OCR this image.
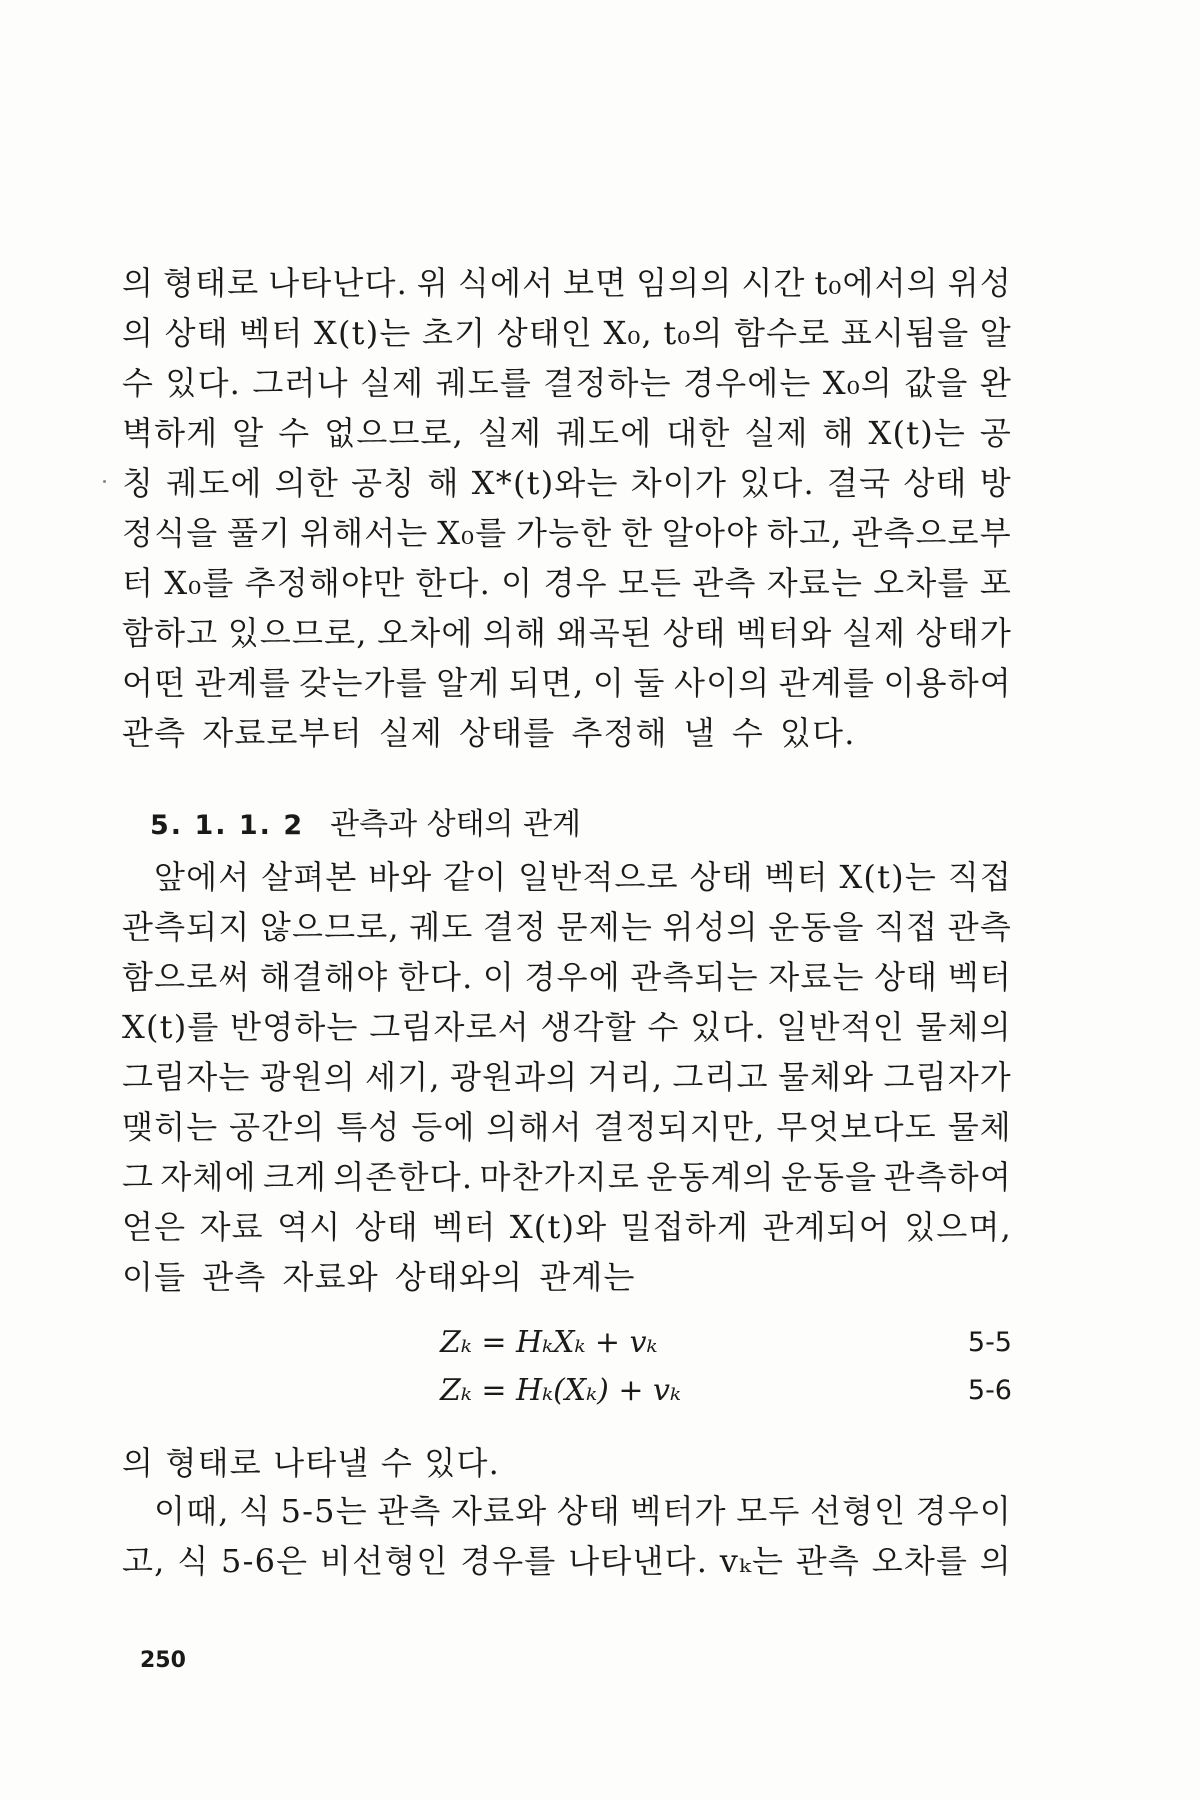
의 형태로 나타난다. 위 식에서 보면 임의의 시간 t₀에서의 위성
의 상태 벡터 X(t)는 초기 상태인 X₀, t₀의 함수로 표시됨을 알
수 있다. 그러나 실제 궤도를 결정하는 경우에는 X₀의 값을 완
벽하게 알 수 없으므로, 실제 궤도에 대한 실제 해 X(t)는 공
칭 궤도에 의한 공칭 해 X*(t)와는 차이가 있다. 결국 상태 방
정식을 풀기 위해서는 X₀를 가능한 한 알아야 하고, 관측으로부
터 X₀를 추정해야만 한다. 이 경우 모든 관측 자료는 오차를 포
함하고 있으므로, 오차에 의해 왜곡된 상태 벡터와 실제 상태가
어떤 관계를 갖는가를 알게 되면, 이 둘 사이의 관계를 이용하여
관측 자료로부터 실제 상태를 추정해 낼 수 있다.
5. 1. 1. 2 관측과 상태의 관계
앞에서 살펴본 바와 같이 일반적으로 상태 벡터 X(t)는 직접
관측되지 않으므로, 궤도 결정 문제는 위성의 운동을 직접 관측
함으로써 해결해야 한다. 이 경우에 관측되는 자료는 상태 벡터
X(t)를 반영하는 그림자로서 생각할 수 있다. 일반적인 물체의
그림자는 광원의 세기, 광원과의 거리, 그리고 물체와 그림자가
맺히는 공간의 특성 등에 의해서 결정되지만, 무엇보다도 물체
그 자체에 크게 의존한다. 마찬가지로 운동계의 운동을 관측하여
얻은 자료 역시 상태 벡터 X(t)와 밀접하게 관계되어 있으며,
이들 관측 자료와 상태와의 관계는
Zₖ = HₖXₖ + vₖ	5-5
Zₖ = Hₖ(Xₖ) + vₖ	5-6
의 형태로 나타낼 수 있다.
이때, 식 5-5는 관측 자료와 상태 벡터가 모두 선형인 경우이
고, 식 5-6은 비선형인 경우를 나타낸다. vₖ는 관측 오차를 의
250
